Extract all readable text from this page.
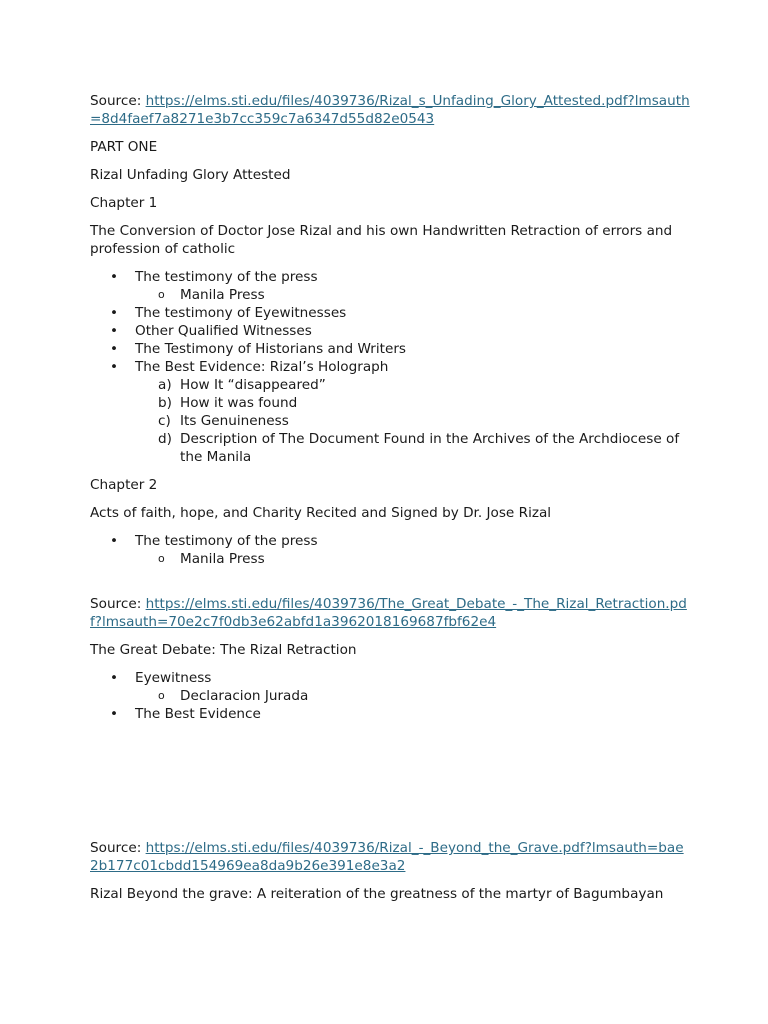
Source: https://elms.sti.edu/files/4039736/Rizal_s_Unfading_Glory_Attested.pdf?lmsauth=8d4faef7a8271e3b7cc359c7a6347d55d82e0543

PART ONE

Rizal Unfading Glory Attested

Chapter 1

The Conversion of Doctor Jose Rizal and his own Handwritten Retraction of errors and profession of catholic

• The testimony of the press
o Manila Press
• The testimony of Eyewitnesses
• Other Qualified Witnesses
• The Testimony of Historians and Writers
• The Best Evidence: Rizal’s Holograph
a) How It “disappeared”
b) How it was found
c) Its Genuineness
d) Description of The Document Found in the Archives of the Archdiocese of the Manila

Chapter 2

Acts of faith, hope, and Charity Recited and Signed by Dr. Jose Rizal

• The testimony of the press
o Manila Press

Source: https://elms.sti.edu/files/4039736/The_Great_Debate_-_The_Rizal_Retraction.pdf?lmsauth=70e2c7f0db3e62abfd1a3962018169687fbf62e4

The Great Debate: The Rizal Retraction

• Eyewitness
o Declaracion Jurada
• The Best Evidence

Source: https://elms.sti.edu/files/4039736/Rizal_-_Beyond_the_Grave.pdf?lmsauth=bae2b177c01cbdd154969ea8da9b26e391e8e3a2

Rizal Beyond the grave: A reiteration of the greatness of the martyr of Bagumbayan
